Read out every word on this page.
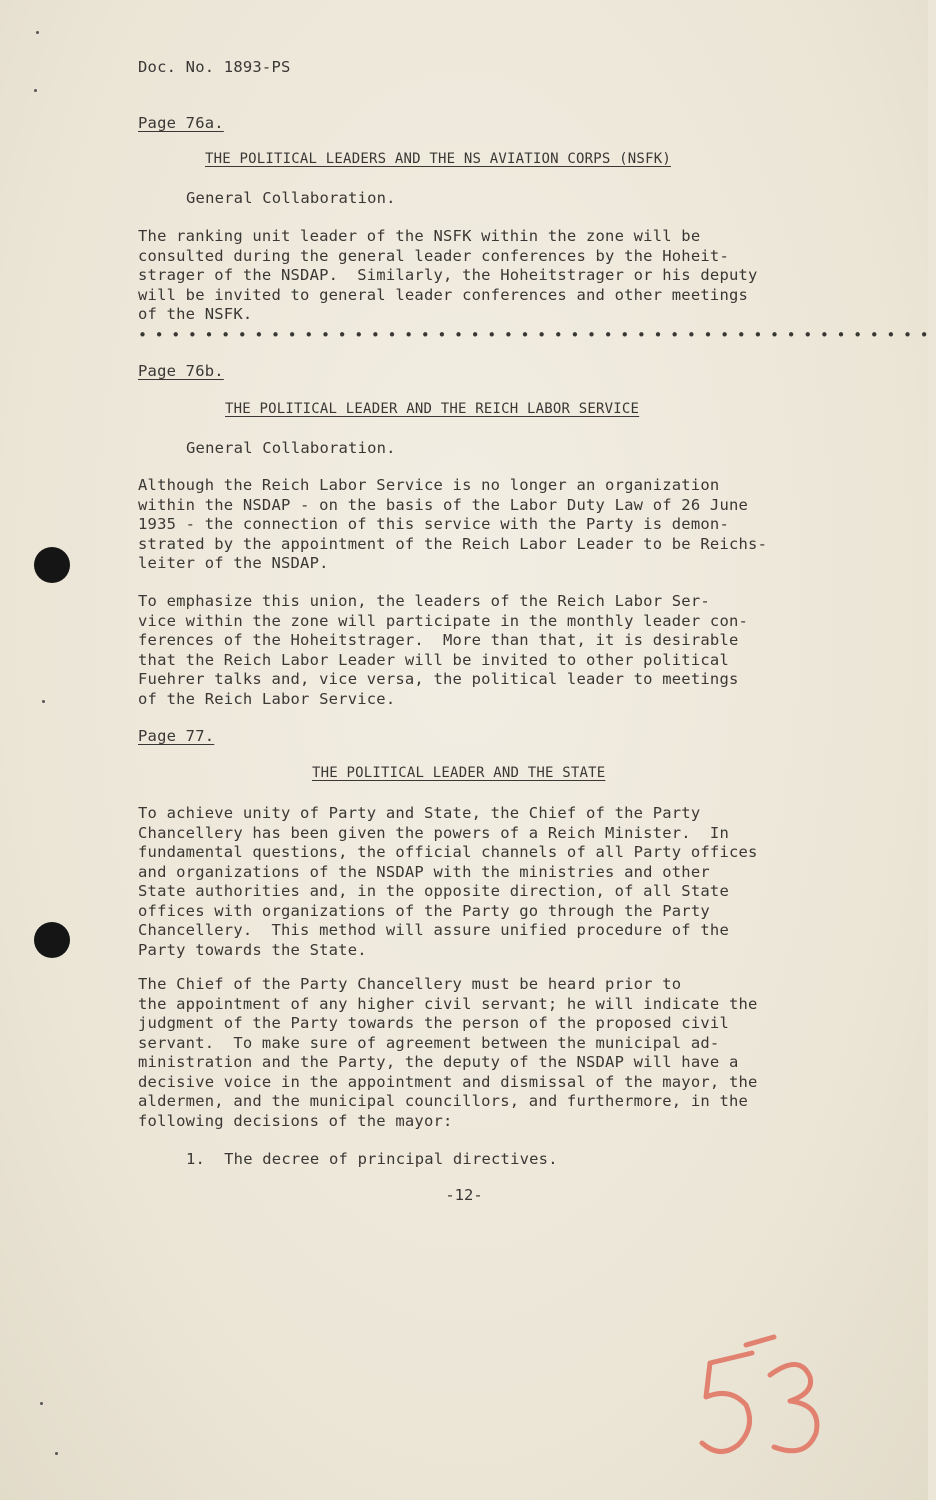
Doc. No. 1893-PS
Page 76a.
THE POLITICAL LEADERS AND THE NS AVIATION CORPS (NSFK)
General Collaboration.
The ranking unit leader of the NSFK within the zone will be
consulted during the general leader conferences by the Hoheit-
strager of the NSDAP.  Similarly, the Hoheitstrager or his deputy
will be invited to general leader conferences and other meetings
of the NSFK.
••••••••••••••••••••••••••••••••••••••••••••••••
Page 76b.
THE POLITICAL LEADER AND THE REICH LABOR SERVICE
General Collaboration.
Although the Reich Labor Service is no longer an organization
within the NSDAP - on the basis of the Labor Duty Law of 26 June
1935 - the connection of this service with the Party is demon-
strated by the appointment of the Reich Labor Leader to be Reichs-
leiter of the NSDAP.
To emphasize this union, the leaders of the Reich Labor Ser-
vice within the zone will participate in the monthly leader con-
ferences of the Hoheitstrager.  More than that, it is desirable
that the Reich Labor Leader will be invited to other political
Fuehrer talks and, vice versa, the political leader to meetings
of the Reich Labor Service.
Page 77.
THE POLITICAL LEADER AND THE STATE
To achieve unity of Party and State, the Chief of the Party
Chancellery has been given the powers of a Reich Minister.  In
fundamental questions, the official channels of all Party offices
and organizations of the NSDAP with the ministries and other
State authorities and, in the opposite direction, of all State
offices with organizations of the Party go through the Party
Chancellery.  This method will assure unified procedure of the
Party towards the State.
The Chief of the Party Chancellery must be heard prior to
the appointment of any higher civil servant; he will indicate the
judgment of the Party towards the person of the proposed civil
servant.  To make sure of agreement between the municipal ad-
ministration and the Party, the deputy of the NSDAP will have a
decisive voice in the appointment and dismissal of the mayor, the
aldermen, and the municipal councillors, and furthermore, in the
following decisions of the mayor:
1.  The decree of principal directives.
-12-
